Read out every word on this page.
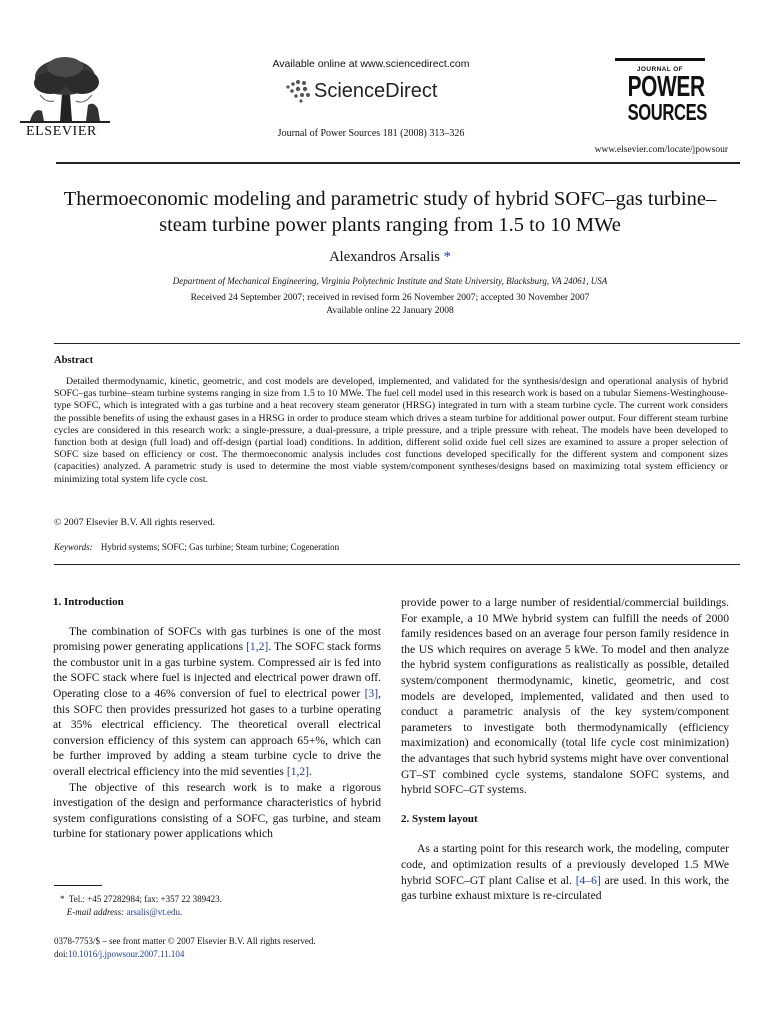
ELSEVIER
Available online at www.sciencedirect.com
ScienceDirect
Journal of Power Sources 181 (2008) 313–326
JOURNAL OF
POWER
SOURCES
www.elsevier.com/locate/jpowsour
Thermoeconomic modeling and parametric study of hybrid SOFC–gas turbine–steam turbine power plants ranging from 1.5 to 10 MWe
Alexandros Arsalis *
Department of Mechanical Engineering, Virginia Polytechnic Institute and State University, Blacksburg, VA 24061, USA
Received 24 September 2007; received in revised form 26 November 2007; accepted 30 November 2007
Available online 22 January 2008
Abstract
Detailed thermodynamic, kinetic, geometric, and cost models are developed, implemented, and validated for the synthesis/design and operational analysis of hybrid SOFC–gas turbine–steam turbine systems ranging in size from 1.5 to 10 MWe. The fuel cell model used in this research work is based on a tubular Siemens-Westinghouse-type SOFC, which is integrated with a gas turbine and a heat recovery steam generator (HRSG) integrated in turn with a steam turbine cycle. The current work considers the possible benefits of using the exhaust gases in a HRSG in order to produce steam which drives a steam turbine for additional power output. Four different steam turbine cycles are considered in this research work: a single-pressure, a dual-pressure, a triple pressure, and a triple pressure with reheat. The models have been developed to function both at design (full load) and off-design (partial load) conditions. In addition, different solid oxide fuel cell sizes are examined to assure a proper selection of SOFC size based on efficiency or cost. The thermoeconomic analysis includes cost functions developed specifically for the different system and component sizes (capacities) analyzed. A parametric study is used to determine the most viable system/component syntheses/designs based on maximizing total system efficiency or minimizing total system life cycle cost.
© 2007 Elsevier B.V. All rights reserved.
Keywords: Hybrid systems; SOFC; Gas turbine; Steam turbine; Cogeneration
1. Introduction

The combination of SOFCs with gas turbines is one of the most promising power generating applications [1,2]. The SOFC stack forms the combustor unit in a gas turbine system. Compressed air is fed into the SOFC stack where fuel is injected and electrical power drawn off. Operating close to a 46% conversion of fuel to electrical power [3], this SOFC then provides pressurized hot gases to a turbine operating at 35% electrical efficiency. The theoretical overall electrical conversion efficiency of this system can approach 65+%, which can be further improved by adding a steam turbine cycle to drive the overall electrical efficiency into the mid seventies [1,2].

The objective of this research work is to make a rigorous investigation of the design and performance characteristics of hybrid system configurations consisting of a SOFC, gas turbine, and steam turbine for stationary power applications which

provide power to a large number of residential/commercial buildings. For example, a 10 MWe hybrid system can fulfill the needs of 2000 family residences based on an average four person family residence in the US which requires on average 5 kWe. To model and then analyze the hybrid system configurations as realistically as possible, detailed system/component thermodynamic, kinetic, geometric, and cost models are developed, implemented, validated and then used to conduct a parametric analysis of the key system/component parameters to investigate both thermodynamically (efficiency maximization) and economically (total life cycle cost minimization) the advantages that such hybrid systems might have over conventional GT–ST combined cycle systems, standalone SOFC systems, and hybrid SOFC–GT systems.

2. System layout

As a starting point for this research work, the modeling, computer code, and optimization results of a previously developed 1.5 MWe hybrid SOFC–GT plant Calise et al. [4–6] are used. In this work, the gas turbine exhaust mixture is re-circulated

* Tel.: +45 27282984; fax: +357 22 389423.
E-mail address: arsalis@vt.edu.
0378-7753/$ – see front matter © 2007 Elsevier B.V. All rights reserved.
doi:10.1016/j.jpowsour.2007.11.104
